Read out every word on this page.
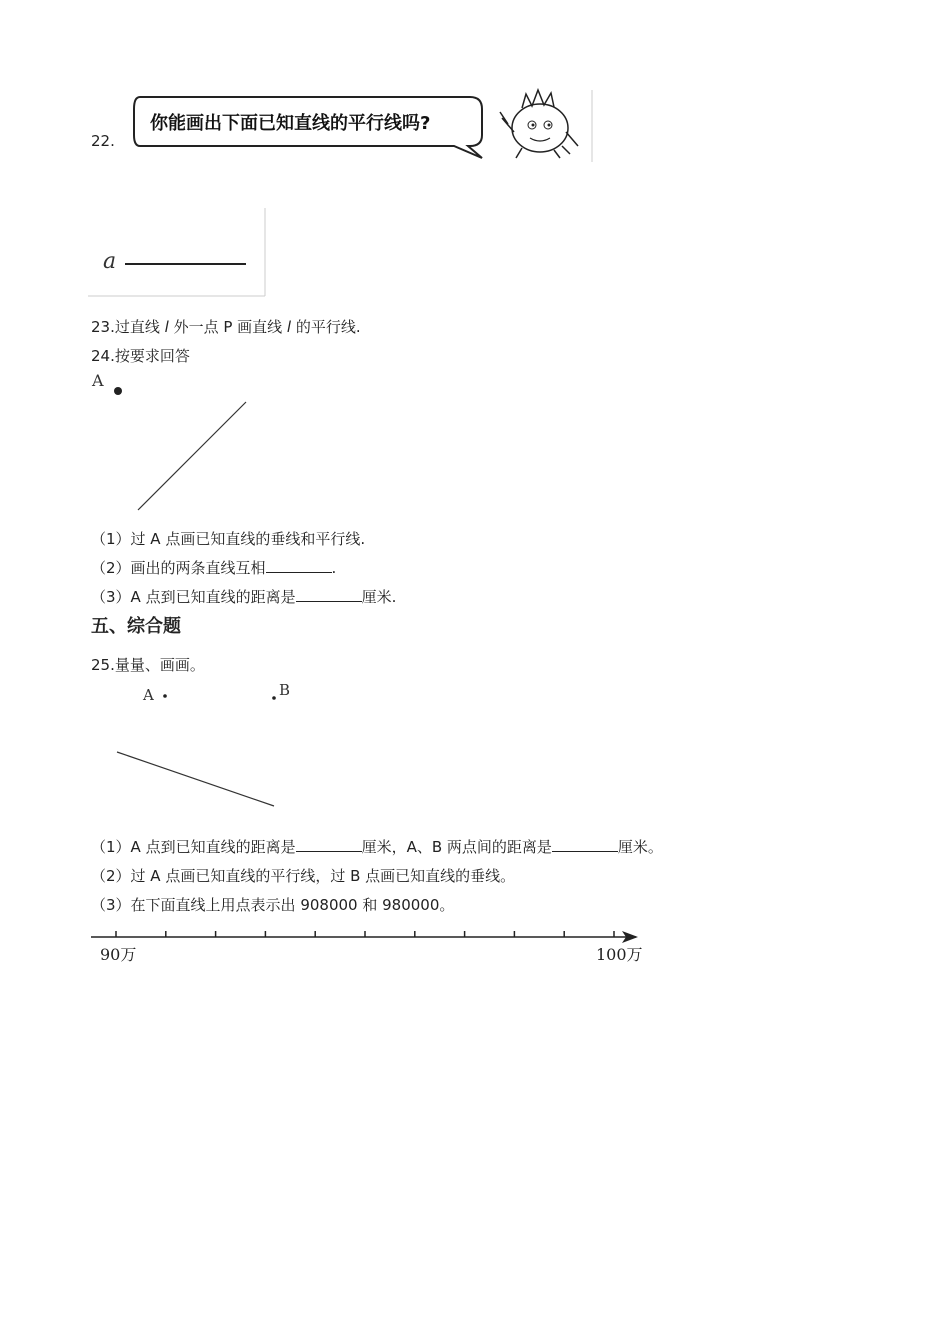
22.
你能画出下面已知直线的平行线吗?
a
23.过直线 l 外一点 P 画直线 l 的平行线.
24.按要求回答
A
（1）过 A 点画已知直线的垂线和平行线.
（2）画出的两条直线互相	.
（3）A 点到已知直线的距离是	厘米.
五、综合题
25.量量、画画。
A	B
（1）A 点到已知直线的距离是	厘米，A、B 两点间的距离是	厘米。
（2）过 A 点画已知直线的平行线，过 B 点画已知直线的垂线。
（3）在下面直线上用点表示出 908000 和 980000。
90万	100万
